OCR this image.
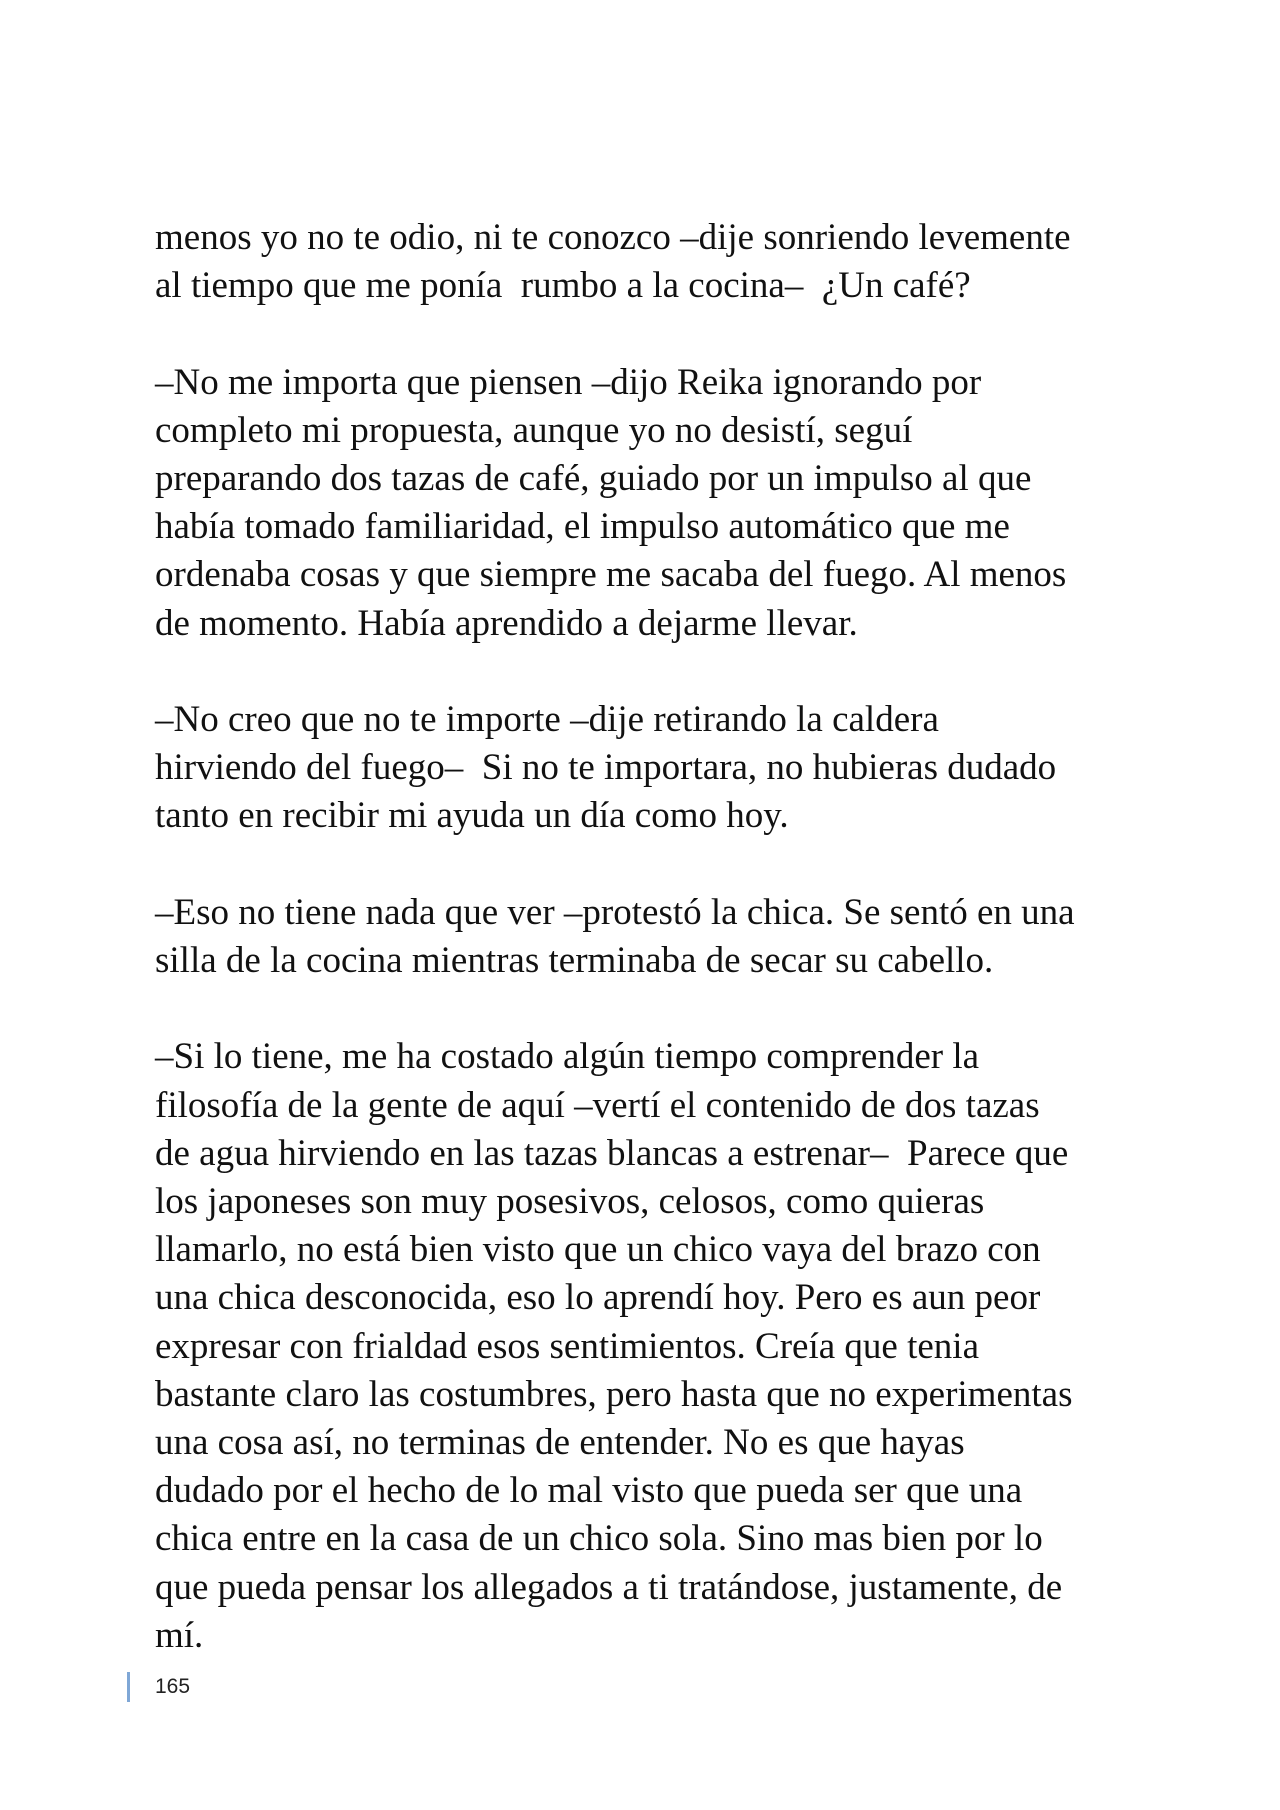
menos yo no te odio, ni te conozco –dije sonriendo levemente
al tiempo que me ponía  rumbo a la cocina–  ¿Un café?

–No me importa que piensen –dijo Reika ignorando por
completo mi propuesta, aunque yo no desistí, seguí
preparando dos tazas de café, guiado por un impulso al que
había tomado familiaridad, el impulso automático que me
ordenaba cosas y que siempre me sacaba del fuego. Al menos
de momento. Había aprendido a dejarme llevar.

–No creo que no te importe –dije retirando la caldera
hirviendo del fuego–  Si no te importara, no hubieras dudado
tanto en recibir mi ayuda un día como hoy.

–Eso no tiene nada que ver –protestó la chica. Se sentó en una
silla de la cocina mientras terminaba de secar su cabello.

–Si lo tiene, me ha costado algún tiempo comprender la
filosofía de la gente de aquí –vertí el contenido de dos tazas
de agua hirviendo en las tazas blancas a estrenar–  Parece que
los japoneses son muy posesivos, celosos, como quieras
llamarlo, no está bien visto que un chico vaya del brazo con
una chica desconocida, eso lo aprendí hoy. Pero es aun peor
expresar con frialdad esos sentimientos. Creía que tenia
bastante claro las costumbres, pero hasta que no experimentas
una cosa así, no terminas de entender. No es que hayas
dudado por el hecho de lo mal visto que pueda ser que una
chica entre en la casa de un chico sola. Sino mas bien por lo
que pueda pensar los allegados a ti tratándose, justamente, de
mí.

165
